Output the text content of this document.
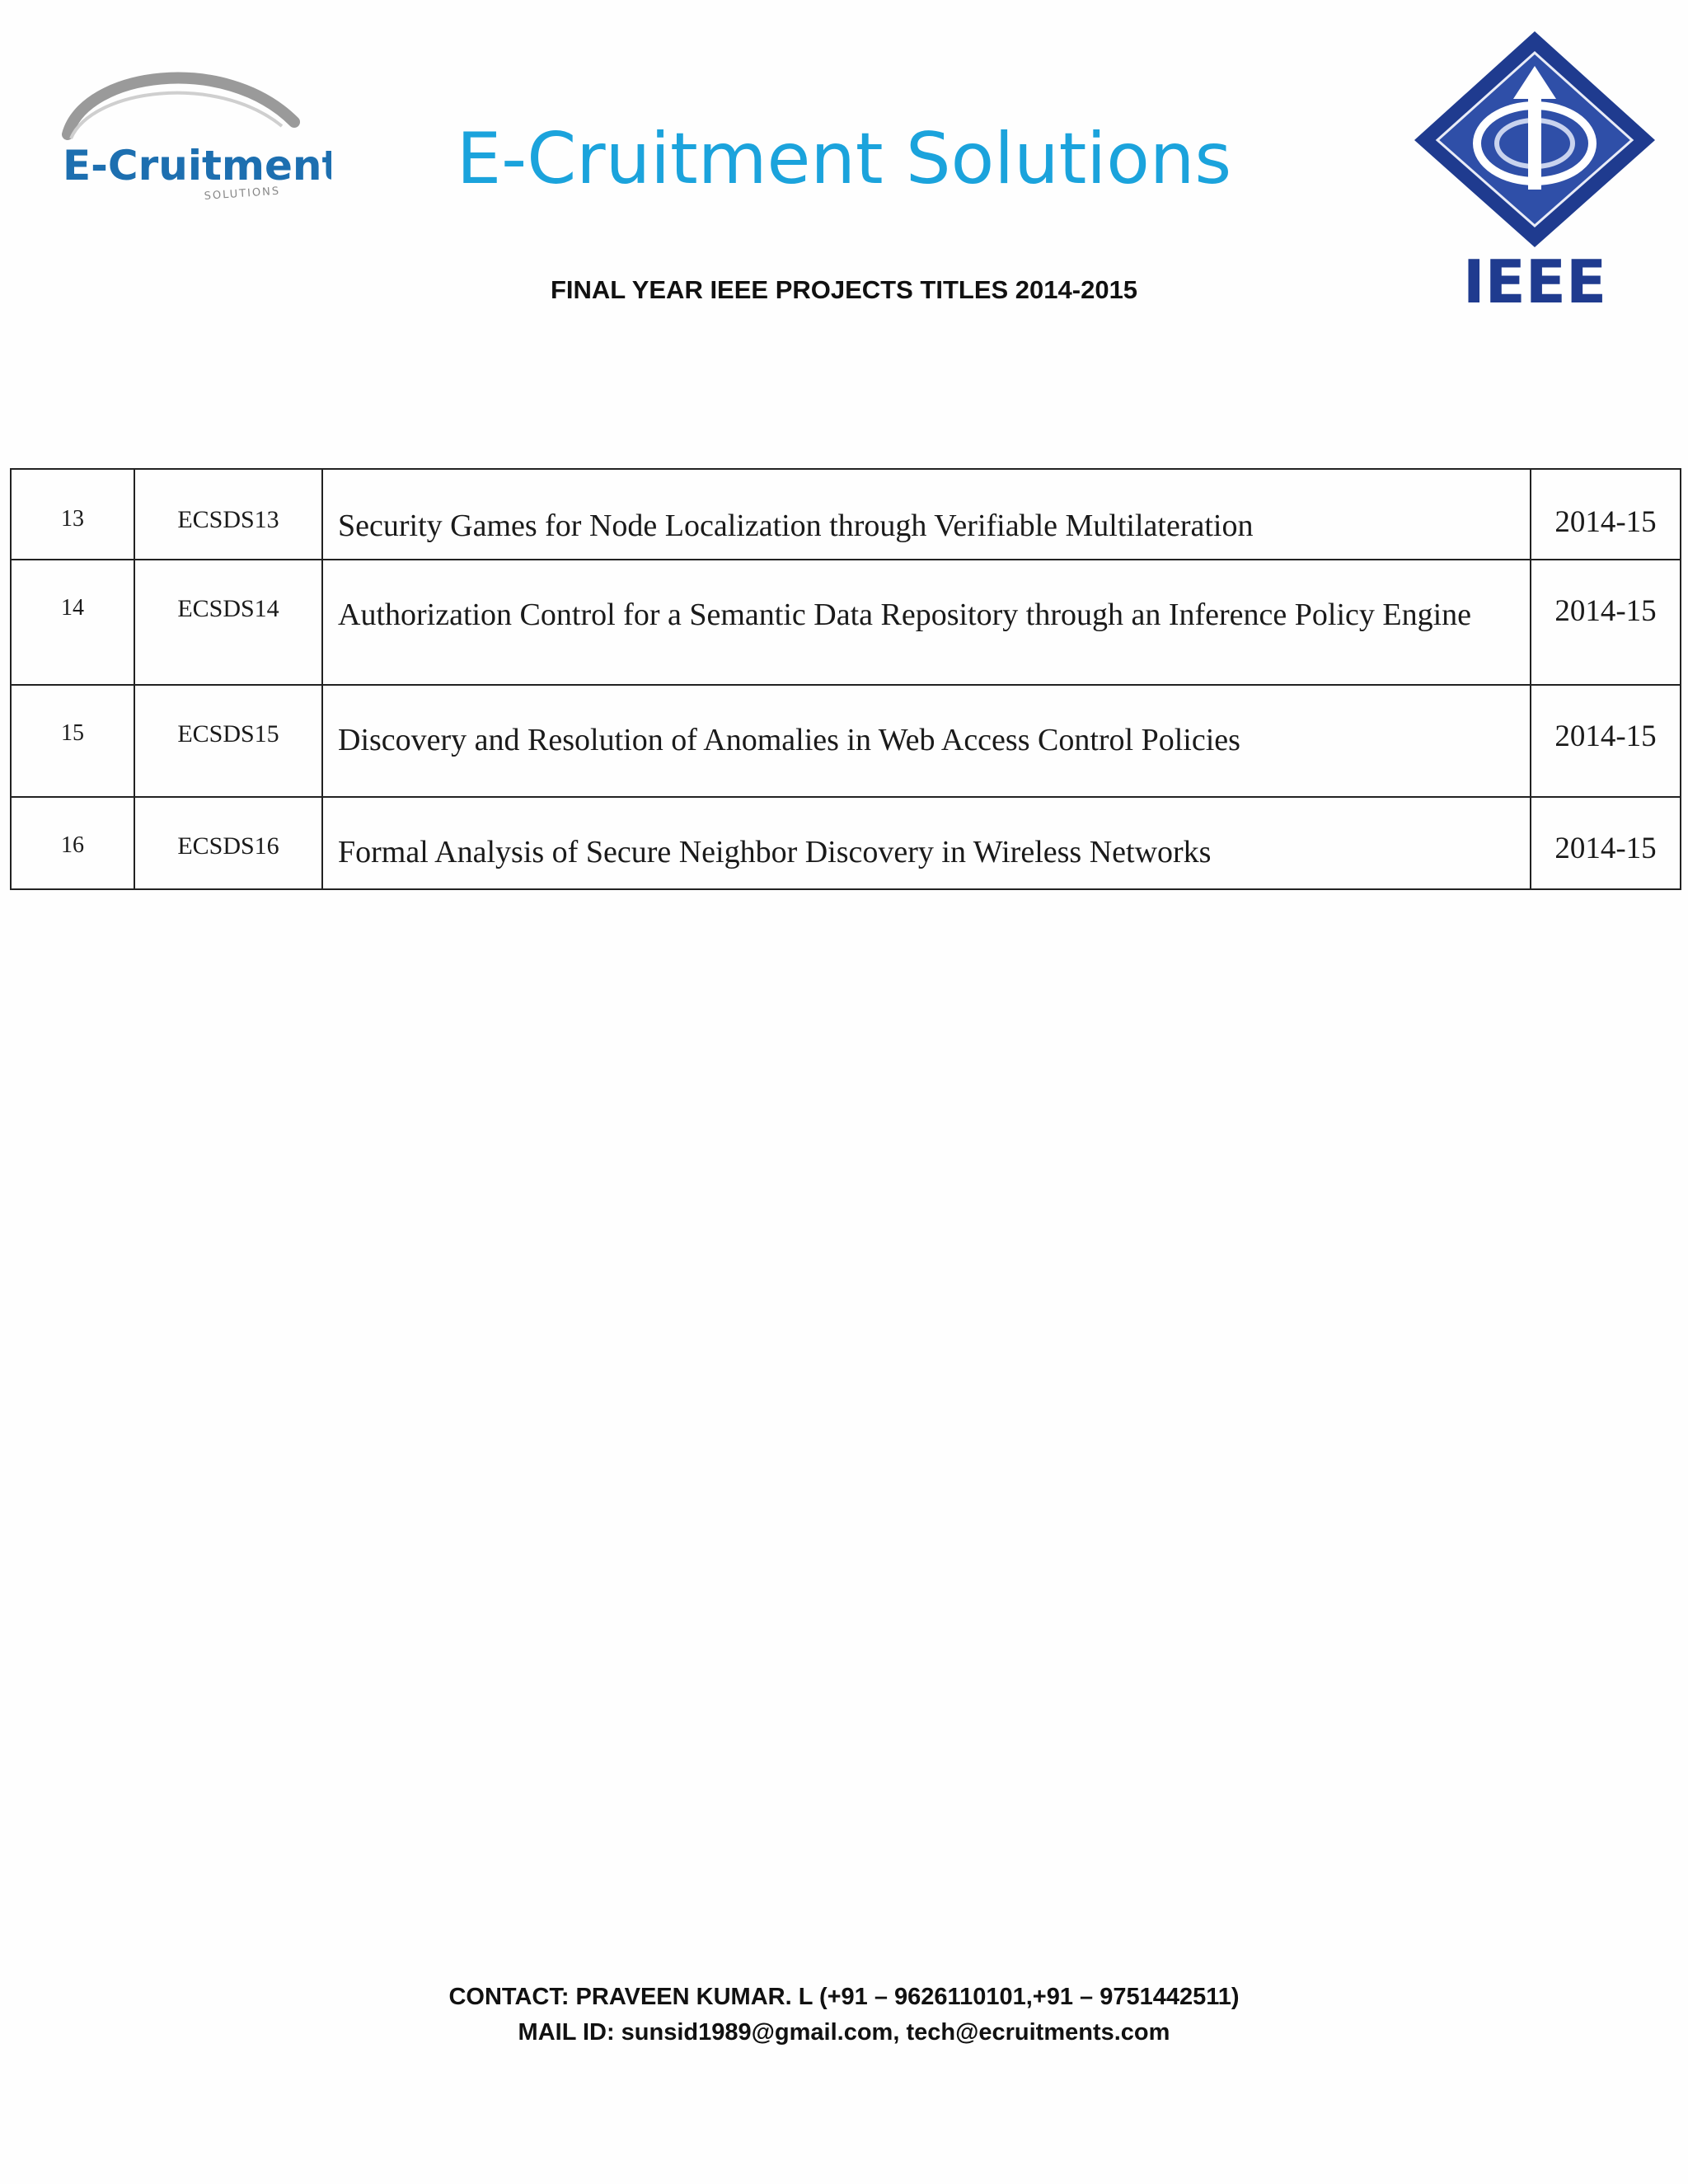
E-Cruitment
SOLUTIONS	E-Cruitment Solutions
IEEE
FINAL YEAR IEEE PROJECTS TITLES 2014-2015
13	ECSDS13	Security Games for Node Localization through Verifiable Multilateration	2014-15

14	ECSDS14	Authorization Control for a Semantic Data Repository through an Inference Policy Engine	2014-15

15	ECSDS15	Discovery and Resolution of Anomalies in Web Access Control Policies	2014-15

16	ECSDS16	Formal Analysis of Secure Neighbor Discovery in Wireless Networks	2014-15
CONTACT: PRAVEEN KUMAR. L (+91 – 9626110101,+91 – 9751442511)
MAIL ID: sunsid1989@gmail.com, tech@ecruitments.com
